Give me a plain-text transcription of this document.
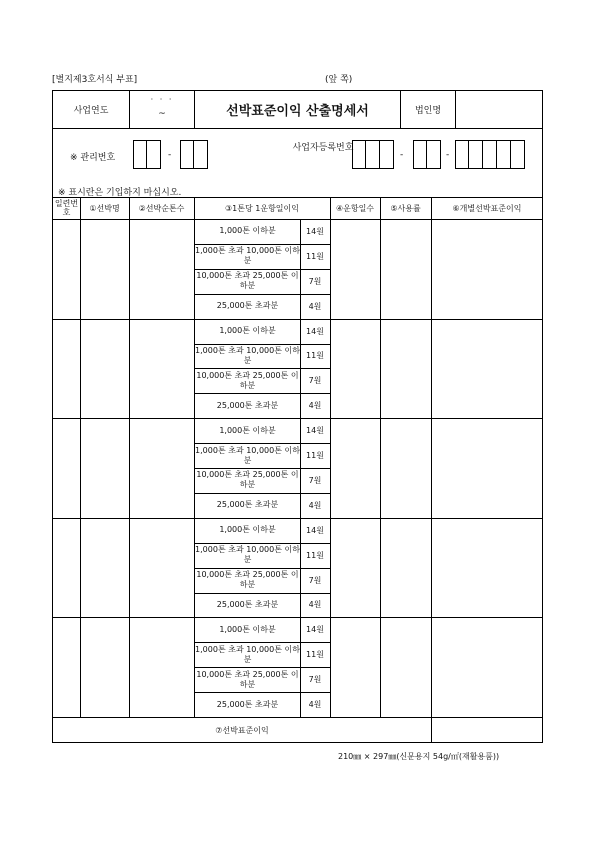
[별지제3호서식 부표]	(앞 쪽)
사업연도
· · ·
~	선박표준이익 산출명세서	법인명
※ 관리번호	-
사업자등록번호
-	-
※ 표시란은 기입하지 마십시오.
일련번호	①선박명	②선박순톤수	③1톤당 1운항일이익	④운항일수	⑤사용률	⑥개별선박표준이익
1,000톤 이하분	14원
1,000톤 초과 10,000톤 이하분	11원
10,000톤 초과 25,000톤 이하분	7원
25,000톤 초과분	4원
1,000톤 이하분	14원
1,000톤 초과 10,000톤 이하분	11원
10,000톤 초과 25,000톤 이하분	7원
25,000톤 초과분	4원
1,000톤 이하분	14원
1,000톤 초과 10,000톤 이하분	11원
10,000톤 초과 25,000톤 이하분	7원
25,000톤 초과분	4원
1,000톤 이하분	14원
1,000톤 초과 10,000톤 이하분	11원
10,000톤 초과 25,000톤 이하분	7원
25,000톤 초과분	4원
1,000톤 이하분	14원
1,000톤 초과 10,000톤 이하분	11원
10,000톤 초과 25,000톤 이하분	7원
25,000톤 초과분	4원
⑦선박표준이익
210㎜ × 297㎜(신문용지 54g/㎡(재활용품))
